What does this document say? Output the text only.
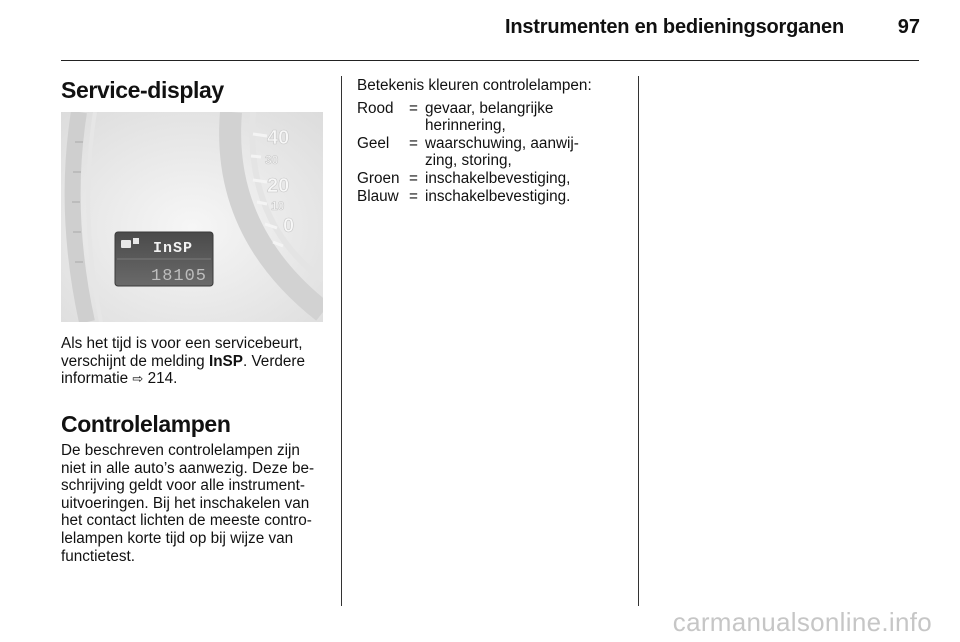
Instrumenten en bedieningsorganen	97
Service-display
40
30
20
10
0
InSP
18105
Als het tijd is voor een servicebeurt,
verschijnt de melding InSP. Verdere
informatie ⇨ 214.
Controlelampen
De beschreven controlelampen zijn
niet in alle auto’s aanwezig. Deze be-
schrijving geldt voor alle instrument-
uitvoeringen. Bij het inschakelen van
het contact lichten de meeste contro-
lelampen korte tijd op bij wijze van
functietest.
Betekenis kleuren controlelampen:
Rood	= gevaar, belangrijke
herinnering,
Geel	= waarschuwing, aanwij-
zing, storing,
Groen = inschakelbevestiging,
Blauw = inschakelbevestiging.
carmanualsonline.info
